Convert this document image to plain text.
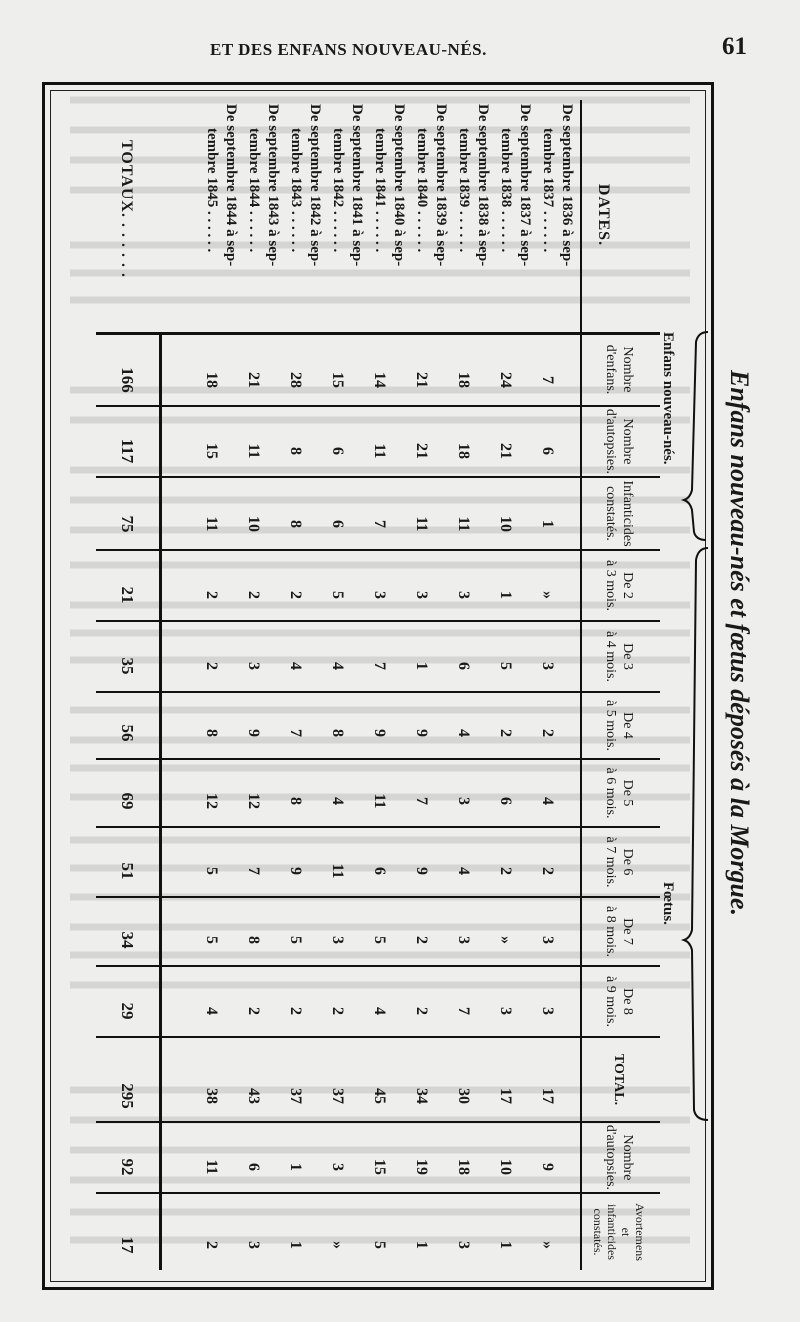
ET DES ENFANS NOUVEAU-NÉS.	61
Enfans nouveau-nés et fœtus déposés à la Morgue.
Enfans nouveau-nés.
Fœtus.
DATES.
Nombre
d'enfans.
Nombre
d'autopsies.
Infanticides
constatés.
De 2
à 3 mois.
De 3
à 4 mois.
De 4
à 5 mois.
De 5
à 6 mois.
De 6
à 7 mois.
De 7
à 8 mois.
De 8
à 9 mois.
TOTAL.
Nombre
d'autopsies.
Avortemens
et
infanticides
constatés.
De septembre 1836 à sep-
tembre 1837 . . . . . .
7
6
1
»
3
2
4
2
3
3
17
9
»
De septembre 1837 à sep-
tembre 1838 . . . . . .
24
21
10
1
5
2
6
2
»
3
17
10
1
De septembre 1838 à sep-
tembre 1839 . . . . . .
18
18
11
3
6
4
3
4
3
7
30
18
3
De septembre 1839 à sep-
tembre 1840 . . . . . .
21
21
11
3
1
9
7
9
2
2
34
19
1
De septembre 1840 à sep-
tembre 1841 . . . . . .
14
11
7
3
7
9
11
6
5
4
45
15
5
De septembre 1841 à sep-
tembre 1842 . . . . . .
15
6
6
5
4
8
4
11
3
2
37
3
»
De septembre 1842 à sep-
tembre 1843 . . . . . .
28
8
8
2
4
7
8
9
5
2
37
1
1
De septembre 1843 à sep-
tembre 1844 . . . . . .
21
11
10
2
3
9
12
7
8
2
43
6
3
De septembre 1844 à sep-
tembre 1845 . . . . . .
18
15
11
2
2
8
12
5
5
4
38
11
2
TOTAUX. . . . . . .
166
117
75
21
35
56
69
51
34
29
295
92
17
